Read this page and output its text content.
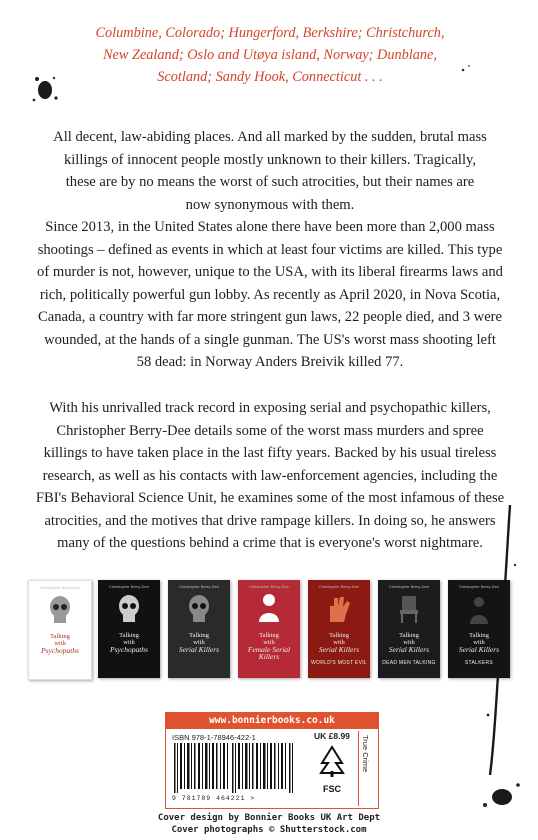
Columbine, Colorado; Hungerford, Berkshire; Christchurch,
New Zealand; Oslo and Utøya island, Norway; Dunblane,
Scotland; Sandy Hook, Connecticut . . .

All decent, law-abiding places. And all marked by the sudden, brutal mass
killings of innocent people mostly unknown to their killers. Tragically,
these are by no means the worst of such atrocities, but their names are
now synonymous with them.

Since 2013, in the United States alone there have been more than 2,000 mass
shootings – defined as events in which at least four victims are killed. This type
of murder is not, however, unique to the USA, with its liberal firearms laws and
rich, politically powerful gun lobby. As recently as April 2020, in Nova Scotia,
Canada, a country with far more stringent gun laws, 22 people died, and 3 were
wounded, at the hands of a single gunman. The US's worst mass shooting left
58 dead: in Norway Anders Breivik killed 77.

With his unrivalled track record in exposing serial and psychopathic killers,
Christopher Berry-Dee details some of the worst mass murders and spree
killings to have taken place in the last fifty years. Backed by his usual tireless
research, as well as his contacts with law-enforcement agencies, including the
FBI's Behavioral Science Unit, he examines some of the most infamous of these
atrocities, and the motives that drive rampage killers. In doing so, he answers
many of the questions behind a crime that is everyone's worst nightmare.

Christopher Berry-Dee
Talking
with
Psychopaths
Christopher Berry-Dee
Talking
with
Psychopaths
Christopher Berry-Dee
Talking
with
Serial Killers
Christopher Berry-Dee
Talking
with
Female Serial Killers
Christopher Berry-Dee
Talking
with
Serial Killers
WORLD'S MOST EVIL
Christopher Berry-Dee
Talking
with
Serial Killers
DEAD MEN TALKING
Christopher Berry-Dee
Talking
with
Serial Killers
STALKERS
www.bonnierbooks.co.uk
ISBN 978-1-78946-422-1	UK £8.99
9 781789 464221 >
FSC
True Crime
Cover design by Bonnier Books UK Art Dept
Cover photographs © Shutterstock.com
